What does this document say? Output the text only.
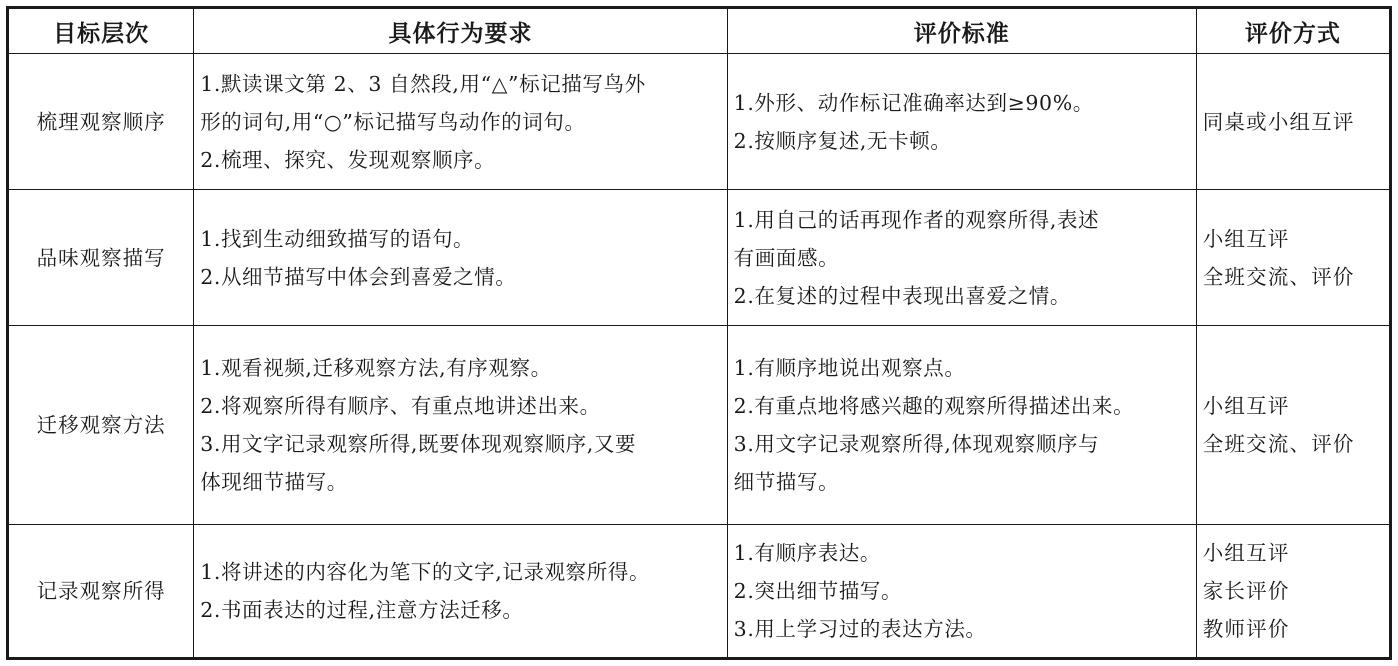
目标层次	具体行为要求	评价标准	评价方式
梳理观察顺序	1.默读课文第 2、3 自然段,用“△”标记描写鸟外
形的词句,用“○”标记描写鸟动作的词句。
2.梳理、探究、发现观察顺序。	1.外形、动作标记准确率达到≥90%。
2.按顺序复述,无卡顿。	同桌或小组互评

品味观察描写	1.找到生动细致描写的语句。
2.从细节描写中体会到喜爱之情。	1.用自己的话再现作者的观察所得,表述
有画面感。
2.在复述的过程中表现出喜爱之情。	小组互评
全班交流、评价

迁移观察方法	1.观看视频,迁移观察方法,有序观察。
2.将观察所得有顺序、有重点地讲述出来。
3.用文字记录观察所得,既要体现观察顺序,又要
体现细节描写。	1.有顺序地说出观察点。
2.有重点地将感兴趣的观察所得描述出来。
3.用文字记录观察所得,体现观察顺序与
细节描写。	小组互评
全班交流、评价

记录观察所得	1.将讲述的内容化为笔下的文字,记录观察所得。
2.书面表达的过程,注意方法迁移。	1.有顺序表达。
2.突出细节描写。
3.用上学习过的表达方法。	小组互评
家长评价
教师评价
